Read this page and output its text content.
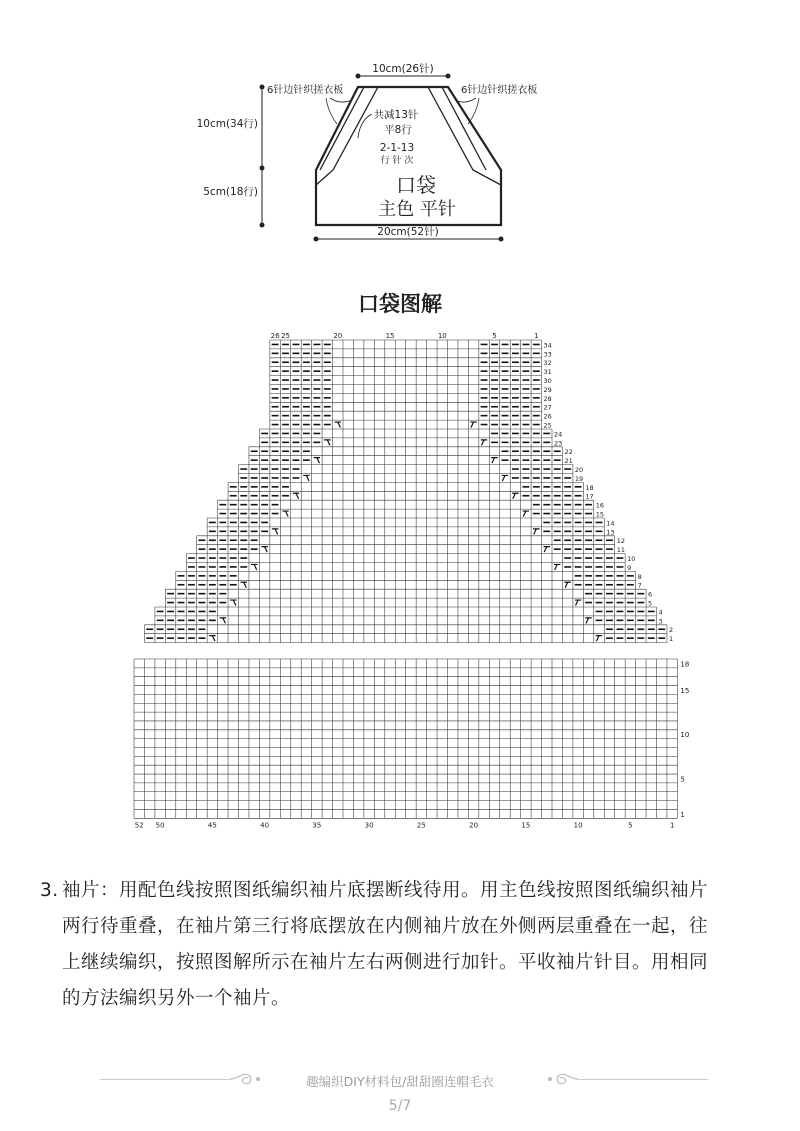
10cm(26针)
20cm(52针)
10cm(34行)
5cm(18行)
6针边针织搓衣板	6针边针织搓衣板
共减13针
平8行
2-1-13
行 针 次
口袋
主色 平针
口袋图解
1
2
3
4
5
6
7
8
9
10
11
12
13
14
15
16
17
18
19
20
21
22
23
24
25
26
27
28
29
30
31
32
33
34
26 25	20	15	10	5	1
1
5
10
15
18
52 50	45	40	35	30	25	20	15	10	5	1
3. 袖片：用配色线按照图纸编织袖片底摆断线待用。用主色线按照图纸编织袖片
两行待重叠，在袖片第三行将底摆放在内侧袖片放在外侧两层重叠在一起，往
上继续编织，按照图解所示在袖片左右两侧进行加针。平收袖片针目。用相同
的方法编织另外一个袖片。
趣编织DIY材料包/甜甜圈连帽毛衣
5/7
